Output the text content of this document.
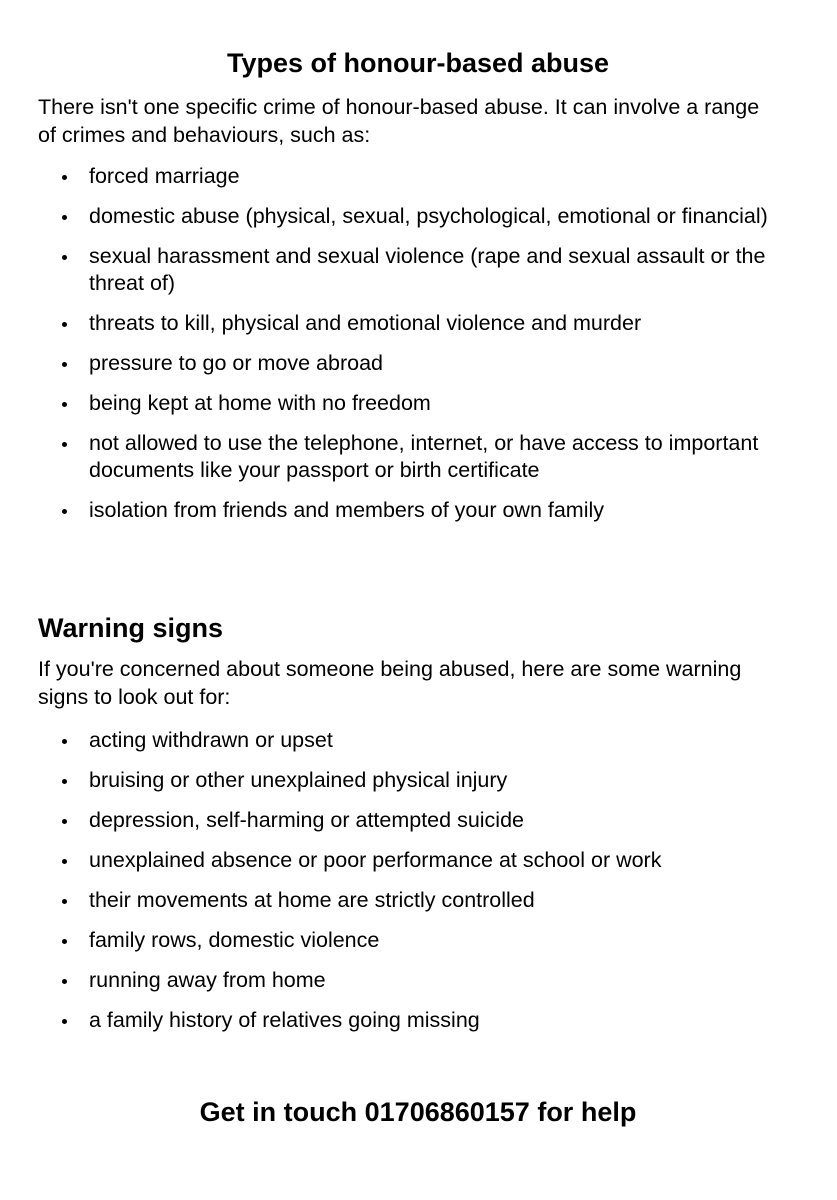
Types of honour-based abuse

There isn't one specific crime of honour-based abuse. It can involve a range of crimes and behaviours, such as:

forced marriage
domestic abuse (physical, sexual, psychological, emotional or financial)
sexual harassment and sexual violence (rape and sexual assault or the threat of)
threats to kill, physical and emotional violence and murder
pressure to go or move abroad
being kept at home with no freedom
not allowed to use the telephone, internet, or have access to important documents like your passport or birth certificate
isolation from friends and members of your own family
Warning signs

If you're concerned about someone being abused, here are some warning signs to look out for:

acting withdrawn or upset
bruising or other unexplained physical injury
depression, self-harming or attempted suicide
unexplained absence or poor performance at school or work
their movements at home are strictly controlled
family rows, domestic violence
running away from home
a family history of relatives going missing
Get in touch 01706860157 for help
